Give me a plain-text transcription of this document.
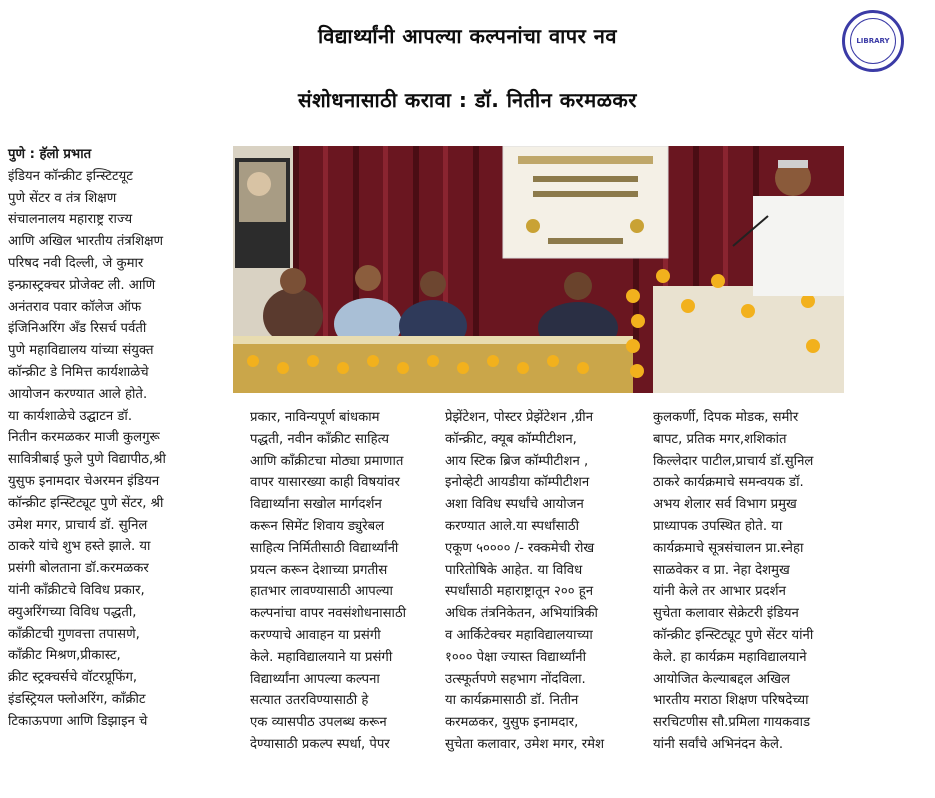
विद्यार्थ्यांनी आपल्या कल्पनांचा वापर नव
संशोधनासाठी करावा : डॉ. नितीन करमळकर
LIBRARY
पुणे : हॅलो प्रभात
इंडियन कॉन्क्रीट इन्स्टिटयूट
पुणे सेंटर व तंत्र शिक्षण
संचालनालय महाराष्ट्र राज्य
आणि अखिल भारतीय तंत्रशिक्षण
परिषद नवी दिल्ली, जे कुमार
इन्फ्रास्ट्रक्चर प्रोजेक्ट ली. आणि
अनंतराव पवार कॉलेज ऑफ
इंजिनिअरिंग अँड रिसर्च पर्वती
पुणे महाविद्यालय यांच्या संयुक्त
कॉन्क्रीट डे निमित्त कार्यशाळेचे
आयोजन करण्यात आले होते.
या कार्यशाळेचे उद्घाटन डॉ.
नितीन करमळकर माजी कुलगुरू
सावित्रीबाई फुले पुणे विद्यापीठ,श्री
युसुफ इनामदार चेअरमन इंडियन
कॉन्क्रीट इन्स्टिट्यूट पुणे सेंटर, श्री
उमेश मगर, प्राचार्य डॉ. सुनिल
ठाकरे यांचे शुभ हस्ते झाले. या
प्रसंगी बोलताना डॉ.करमळकर
यांनी कॉंक्रीटचे विविध प्रकार,
क्युअरिंगच्या विविध पद्धती,
कॉंक्रीटची गुणवत्ता तपासणे,
कॉंक्रीट मिश्रण,प्रीकास्ट,
क्रीट स्ट्रक्चर्सचे वॉटरप्रूफिंग,
इंडस्ट्रियल फ्लोअरिंग, कॉंक्रीट
टिकाऊपणा आणि डिझाइन चे
प्रकार, नाविन्यपूर्ण बांधकाम
पद्धती, नवीन कॉंक्रीट साहित्य
आणि कॉंक्रीटचा मोठ्या प्रमाणात
वापर यासारख्या काही विषयांवर
विद्यार्थ्यांना सखोल मार्गदर्शन
करून सिमेंट शिवाय ड्युरेबल
साहित्य निर्मितीसाठी विद्यार्थ्यांनी
प्रयत्न करून देशाच्या प्रगतीस
हातभार लावण्यासाठी आपल्या
कल्पनांचा वापर नवसंशोधनासाठी
करण्याचे आवाहन या प्रसंगी
केले. महाविद्यालयाने या प्रसंगी
विद्यार्थ्यांना आपल्या कल्पना
सत्यात उतरविण्यासाठी हे
एक व्यासपीठ उपलब्ध करून
देण्यासाठी प्रकल्प स्पर्धा, पेपर
प्रेझेंटेशन, पोस्टर प्रेझेंटेशन ,ग्रीन
कॉन्क्रीट, क्यूब कॉम्पीटीशन,
आय स्टिक ब्रिज कॉम्पीटीशन ,
इनोव्हेटी आयडीया कॉम्पीटीशन
अशा विविध स्पर्धांचे आयोजन
करण्यात आले.या स्पर्धांसाठी
एकूण ५०००० /- रक्कमेची रोख
पारितोषिके आहेत. या विविध
स्पर्धांसाठी महाराष्ट्रातून २०० हून
अधिक तंत्रनिकेतन, अभियांत्रिकी
व आर्किटेक्चर महाविद्यालयाच्या
१००० पेक्षा ज्यास्त विद्यार्थ्यांनी
उत्स्फूर्तपणे सहभाग नोंदविला.
या कार्यक्रमासाठी डॉ. नितीन
करमळकर, युसुफ इनामदार,
सुचेता कलावार, उमेश मगर, रमेश
कुलकर्णी, दिपक मोडक, समीर
बापट, प्रतिक मगर,शशिकांत
किल्लेदार पाटील,प्राचार्य डॉ.सुनिल
ठाकरे कार्यक्रमाचे समन्वयक डॉ.
अभय शेलार सर्व विभाग प्रमुख
प्राध्यापक उपस्थित होते. या
कार्यक्रमाचे सूत्रसंचालन प्रा.स्नेहा
साळवेकर व प्रा. नेहा देशमुख
यांनी केले तर आभार प्रदर्शन
सुचेता कलावार सेक्रेटरी इंडियन
कॉन्क्रीट इन्स्टिट्यूट पुणे सेंटर यांनी
केले. हा कार्यक्रम महाविद्यालयाने
आयोजित केल्याबद्दल अखिल
भारतीय मराठा शिक्षण परिषदेच्या
सरचिटणीस सौ.प्रमिला गायकवाड
यांनी सर्वांचे अभिनंदन केले.
